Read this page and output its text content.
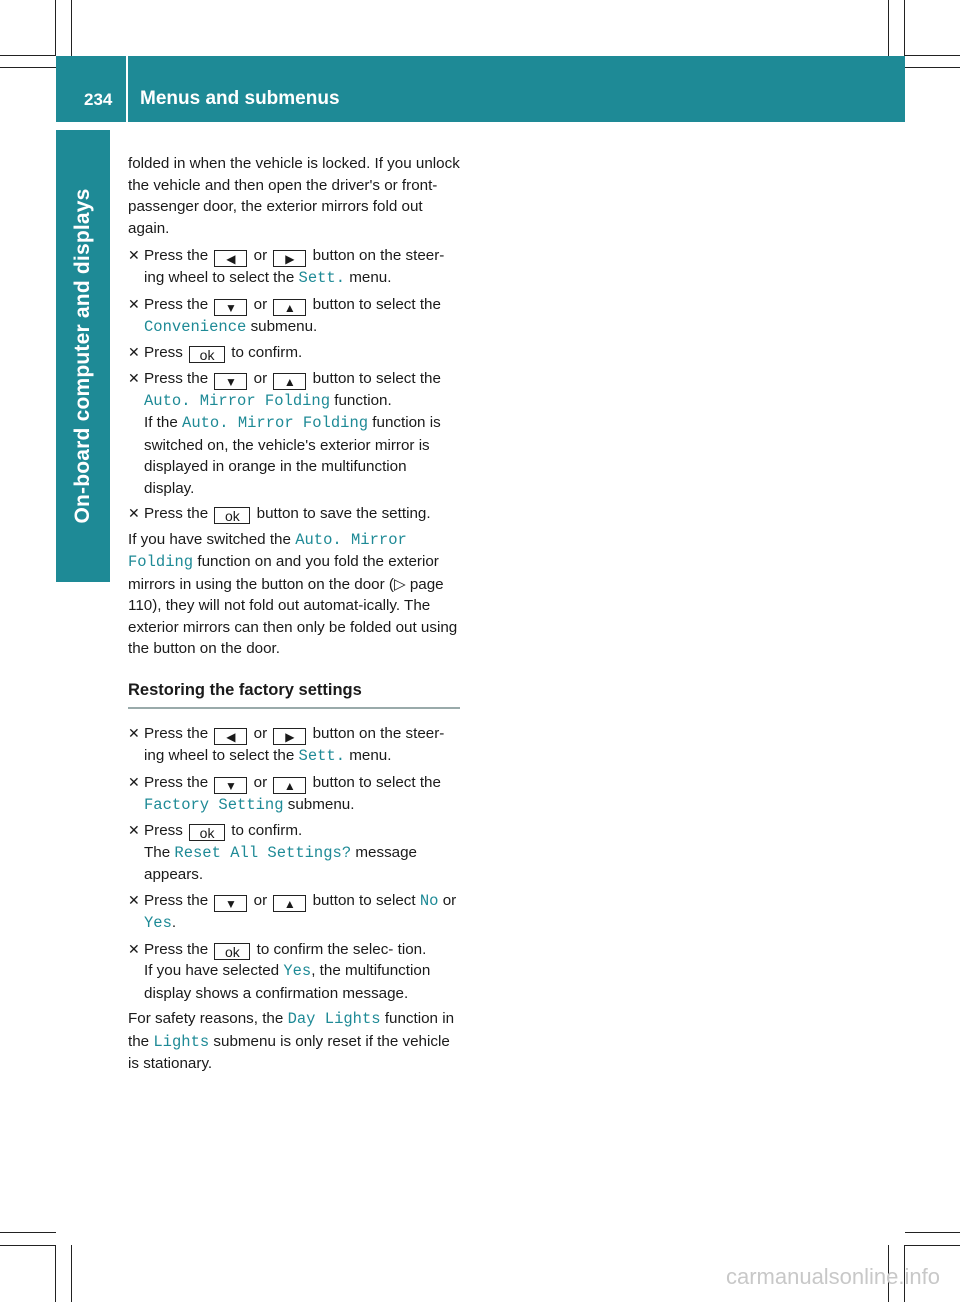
234 Menus and submenus
On-board computer and displays

folded in when the vehicle is locked. If you unlock the vehicle and then open the driver's or front-passenger door, the exterior mirrors fold out again.

✕ Press the ◀ or ▶ button on the steer-ing wheel to select the Sett. menu.
✕ Press the ▼ or ▲ button to select the Convenience submenu.
✕ Press ok to confirm.
✕ Press the ▼ or ▲ button to select the Auto. Mirror Folding function.
If the Auto. Mirror Folding function is switched on, the vehicle's exterior mirror is displayed in orange in the multifunction display.
✕ Press the ok button to save the setting.

If you have switched the Auto. Mirror Folding function on and you fold the exterior mirrors in using the button on the door (▷ page 110), they will not fold out automat-ically. The exterior mirrors can then only be folded out using the button on the door.

Restoring the factory settings
✕ Press the ◀ or ▶ button on the steer-ing wheel to select the Sett. menu.
✕ Press the ▼ or ▲ button to select the Factory Setting submenu.
✕ Press ok to confirm.
The Reset All Settings? message appears.
✕ Press the ▼ or ▲ button to select No or Yes.
✕ Press the ok to confirm the selec- tion.
If you have selected Yes, the multifunction display shows a confirmation message.

For safety reasons, the Day Lights function in the Lights submenu is only reset if the vehicle is stationary.

carmanualsonline.info
